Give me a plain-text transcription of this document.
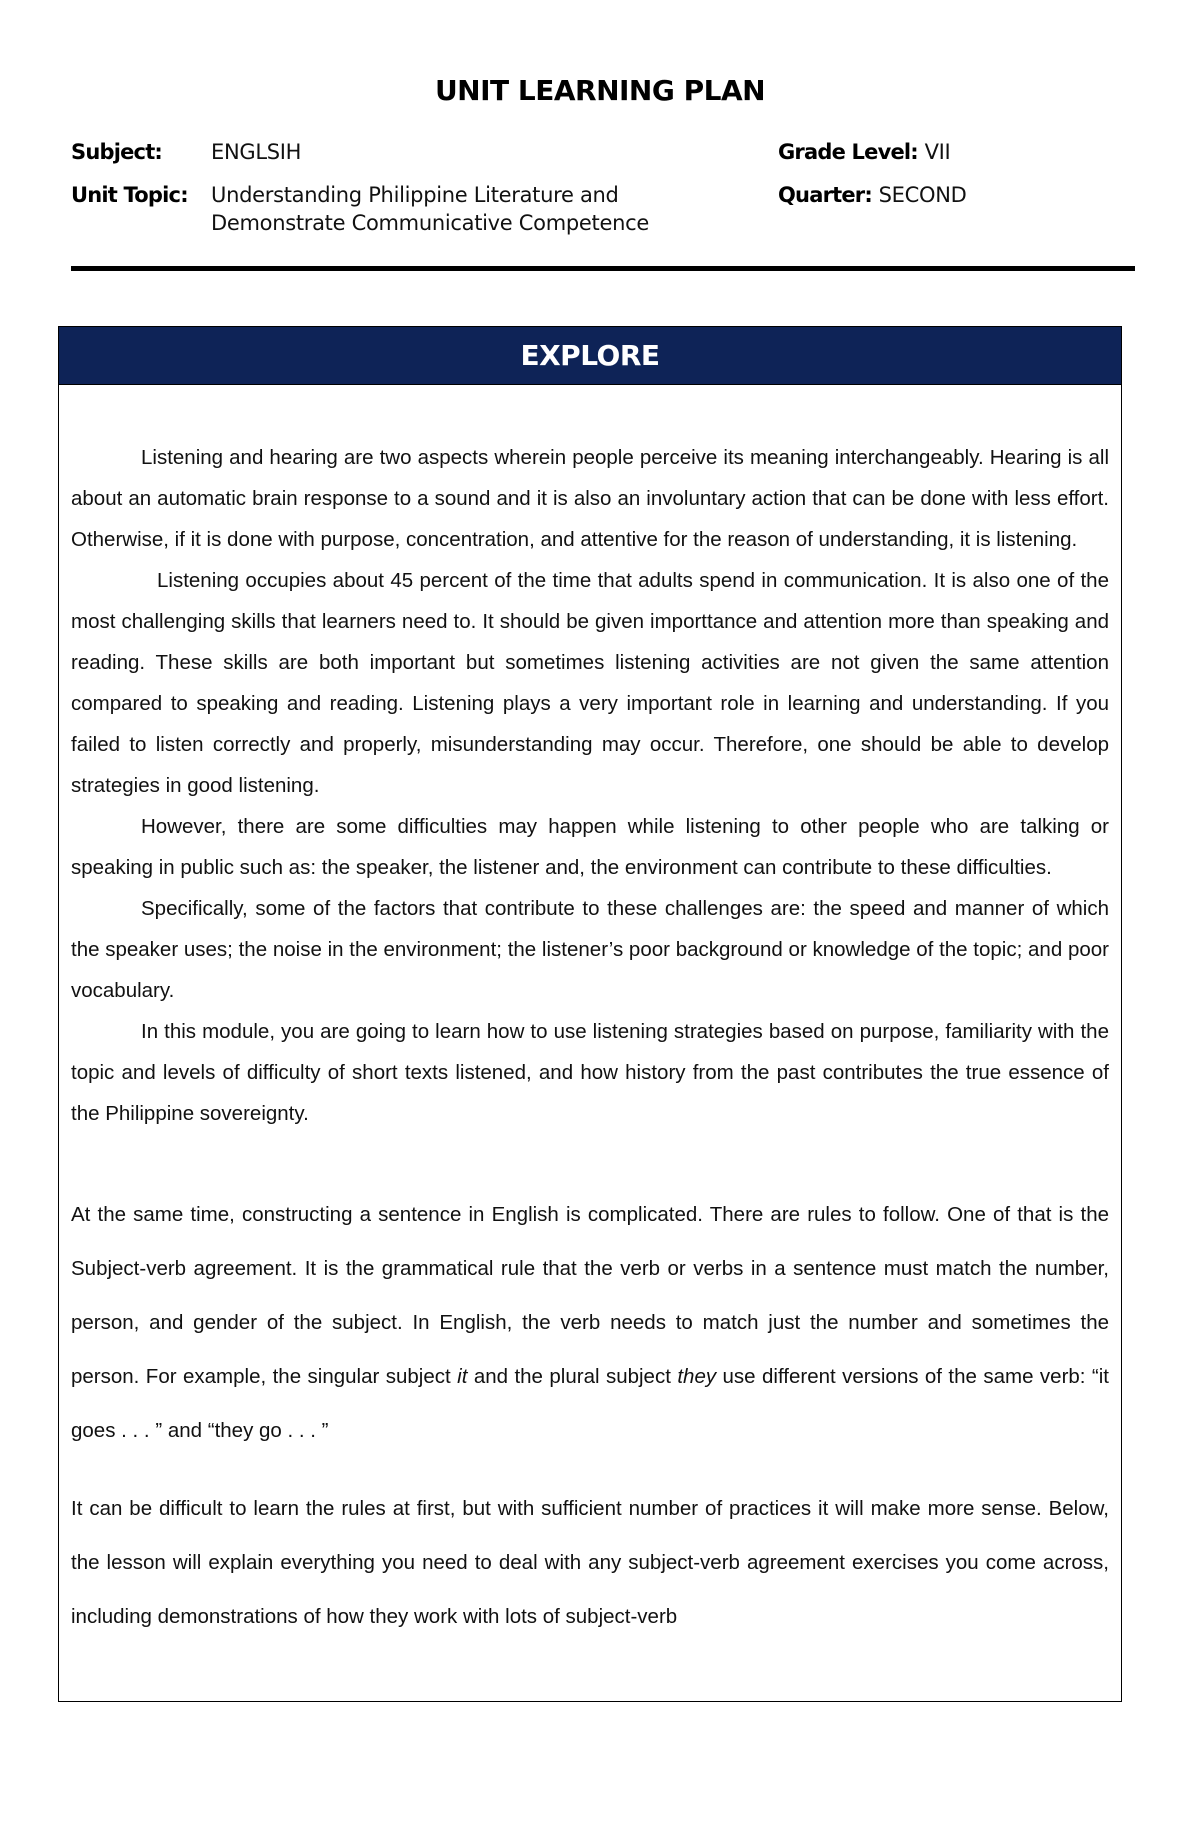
UNIT LEARNING PLAN
Subject: ENGLSIH
Unit Topic: Understanding Philippine Literature and
Demonstrate Communicative Competence
Grade Level: VII
Quarter: SECOND
EXPLORE

Listening and hearing are two aspects wherein people perceive its meaning interchangeably. Hearing is all about an automatic brain response to a sound and it is also an involuntary action that can be done with less effort. Otherwise, if it is done with purpose, concentration, and attentive for the reason of understanding, it is listening.

Listening occupies about 45 percent of the time that adults spend in communication. It is also one of the most challenging skills that learners need to. It should be given importtance and attention more than speaking and reading. These skills are both important but sometimes listening activities are not given the same attention compared to speaking and reading. Listening plays a very important role in learning and understanding. If you failed to listen correctly and properly, misunderstanding may occur. Therefore, one should be able to develop strategies in good listening.

However, there are some difficulties may happen while listening to other people who are talking or speaking in public such as: the speaker, the listener and, the environment can contribute to these difficulties.

Specifically, some of the factors that contribute to these challenges are: the speed and manner of which the speaker uses; the noise in the environment; the listener’s poor background or knowledge of the topic; and poor vocabulary.

In this module, you are going to learn how to use listening strategies based on purpose, familiarity with the topic and levels of difficulty of short texts listened, and how history from the past contributes the true essence of the Philippine sovereignty.

At the same time, constructing a sentence in English is complicated. There are rules to follow. One of that is the Subject-verb agreement. It is the grammatical rule that the verb or verbs in a sentence must match the number, person, and gender of the subject. In English, the verb needs to match just the number and sometimes the person. For example, the singular subject it and the plural subject they use different versions of the same verb: “it goes . . . ” and “they go . . . ”

It can be difficult to learn the rules at first, but with sufficient number of practices it will make more sense. Below, the lesson will explain everything you need to deal with any subject-verb agreement exercises you come across, including demonstrations of how they work with lots of subject-verb
